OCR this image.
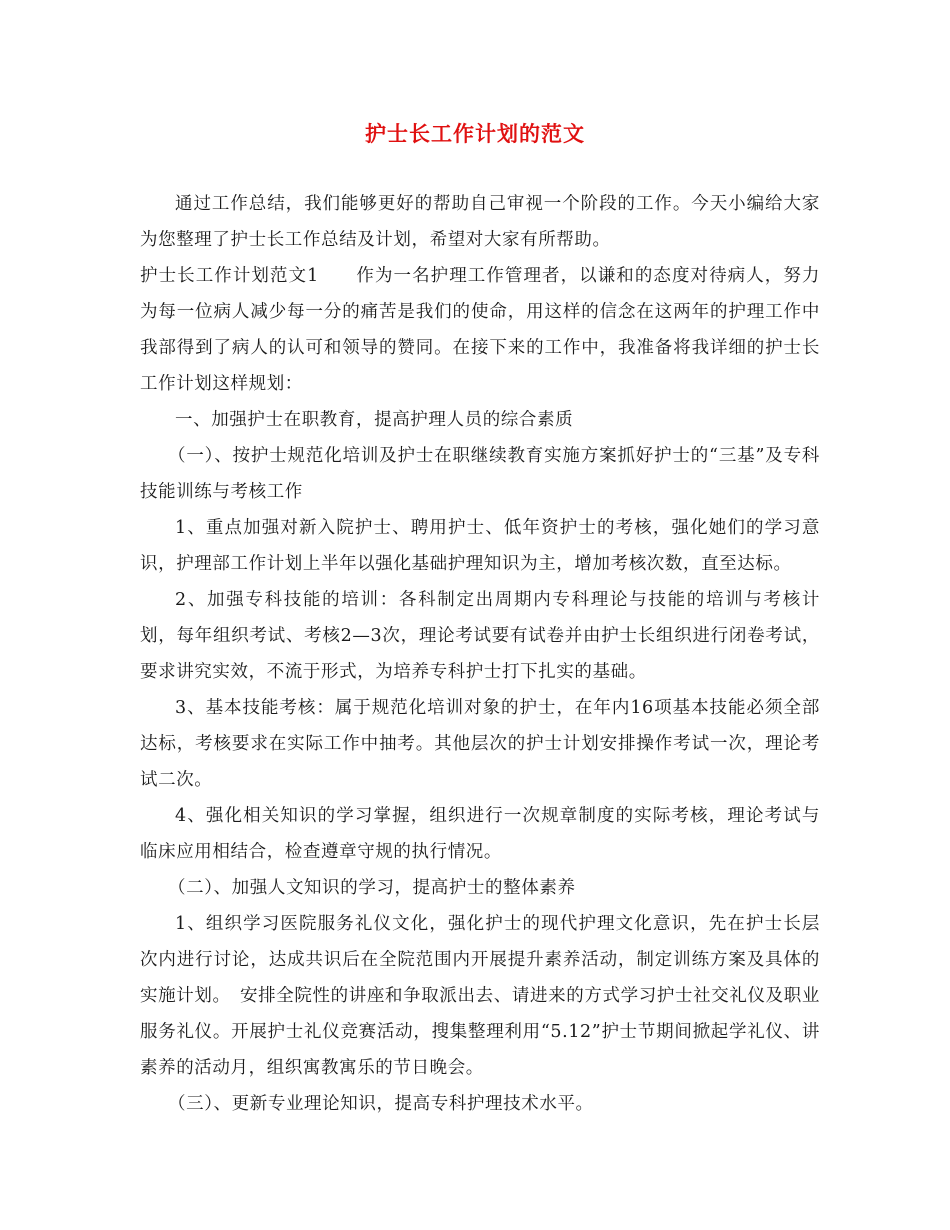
护士长工作计划的范文

通过工作总结，我们能够更好的帮助自己审视一个阶段的工作。今天小编给大家为您整理了护士长工作总结及计划，希望对大家有所帮助。

护士长工作计划范文1　　作为一名护理工作管理者，以谦和的态度对待病人，努力为每一位病人减少每一分的痛苦是我们的使命，用这样的信念在这两年的护理工作中我部得到了病人的认可和领导的赞同。在接下来的工作中，我准备将我详细的护士长工作计划这样规划：

一、加强护士在职教育，提高护理人员的综合素质

（一）、按护士规范化培训及护士在职继续教育实施方案抓好护士的“三基”及专科技能训练与考核工作

1、重点加强对新入院护士、聘用护士、低年资护士的考核，强化她们的学习意识，护理部工作计划上半年以强化基础护理知识为主，增加考核次数，直至达标。

2、加强专科技能的培训：各科制定出周期内专科理论与技能的培训与考核计划，每年组织考试、考核2—3次，理论考试要有试卷并由护士长组织进行闭卷考试，要求讲究实效，不流于形式，为培养专科护士打下扎实的基础。

3、基本技能考核：属于规范化培训对象的护士，在年内16项基本技能必须全部达标，考核要求在实际工作中抽考。其他层次的护士计划安排操作考试一次，理论考试二次。

4、强化相关知识的学习掌握，组织进行一次规章制度的实际考核，理论考试与临床应用相结合，检查遵章守规的执行情况。

（二）、加强人文知识的学习，提高护士的整体素养

1、组织学习医院服务礼仪文化，强化护士的现代护理文化意识，先在护士长层次内进行讨论，达成共识后在全院范围内开展提升素养活动，制定训练方案及具体的实施计划。　安排全院性的讲座和争取派出去、请进来的方式学习护士社交礼仪及职业服务礼仪。开展护士礼仪竞赛活动，搜集整理利用“5.12”护士节期间掀起学礼仪、讲素养的活动月，组织寓教寓乐的节日晚会。

（三）、更新专业理论知识，提高专科护理技术水平。
